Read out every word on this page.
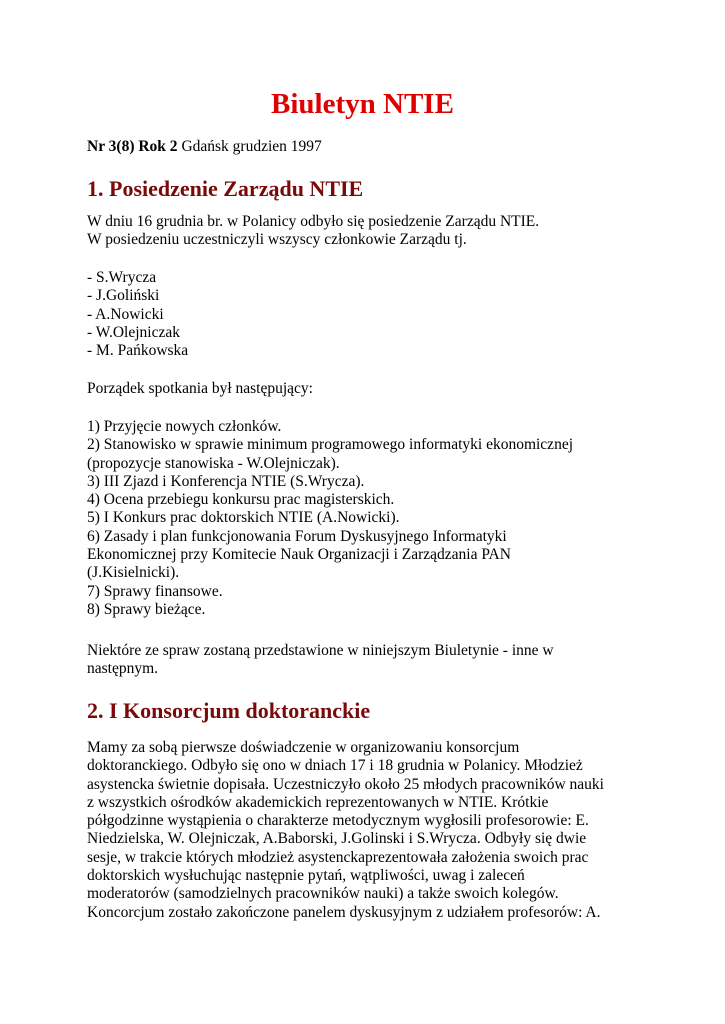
Biuletyn NTIE

Nr 3(8) Rok 2 Gdańsk grudzien 1997

1. Posiedzenie Zarządu NTIE

W dniu 16 grudnia br. w Polanicy odbyło się posiedzenie Zarządu NTIE.
W posiedzeniu uczestniczyli wszyscy członkowie Zarządu tj.

- S.Wrycza
- J.Goliński
- A.Nowicki
- W.Olejniczak
- M. Pańkowska

Porządek spotkania był następujący:

1) Przyjęcie nowych członków.
2) Stanowisko w sprawie minimum programowego informatyki ekonomicznej
(propozycje stanowiska - W.Olejniczak).
3) III Zjazd i Konferencja NTIE (S.Wrycza).
4) Ocena przebiegu konkursu prac magisterskich.
5) I Konkurs prac doktorskich NTIE (A.Nowicki).
6) Zasady i plan funkcjonowania Forum Dyskusyjnego Informatyki
Ekonomicznej przy Komitecie Nauk Organizacji i Zarządzania PAN
(J.Kisielnicki).
7) Sprawy finansowe.
8) Sprawy bieżące.

Niektóre ze spraw zostaną przedstawione w niniejszym Biuletynie - inne w
następnym.

2. I Konsorcjum doktoranckie

Mamy za sobą pierwsze doświadczenie w organizowaniu konsorcjum
doktoranckiego. Odbyło się ono w dniach 17 i 18 grudnia w Polanicy. Młodzież
asystencka świetnie dopisała. Uczestniczyło około 25 młodych pracowników nauki
z wszystkich ośrodków akademickich reprezentowanych w NTIE. Krótkie
półgodzinne wystąpienia o charakterze metodycznym wygłosili profesorowie: E.
Niedzielska, W. Olejniczak, A.Baborski, J.Golinski i S.Wrycza. Odbyły się dwie
sesje, w trakcie których młodzież asystenckaprezentowała założenia swoich prac
doktorskich wysłuchując następnie pytań, wątpliwości, uwag i zaleceń
moderatorów (samodzielnych pracowników nauki) a także swoich kolegów.
Koncorcjum zostało zakończone panelem dyskusyjnym z udziałem profesorów: A.
